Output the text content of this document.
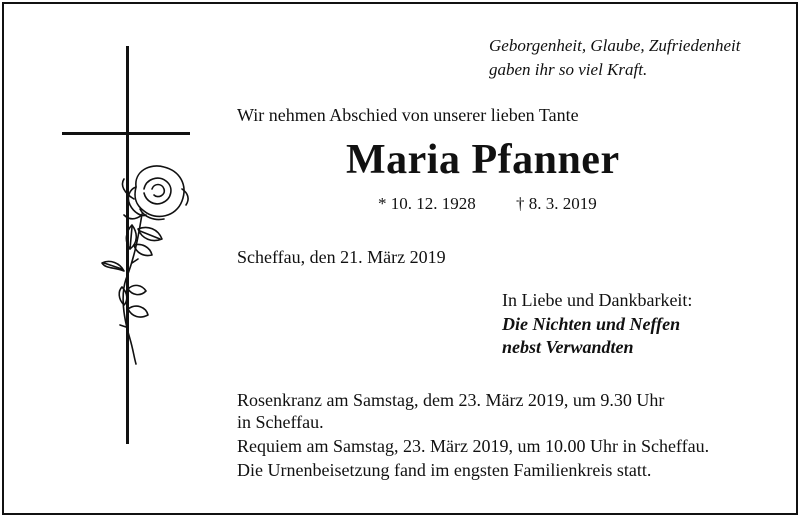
Geborgenheit, Glaube, Zufriedenheit
gaben ihr so viel Kraft.
Wir nehmen Abschied von unserer lieben Tante
Maria Pfanner
* 10. 12. 1928 † 8. 3. 2019
Scheffau, den 21. März 2019
In Liebe und Dankbarkeit:
Die Nichten und Neffen
nebst Verwandten
Rosenkranz am Samstag, dem 23. März 2019, um 9.30 Uhr
in Scheffau.
Requiem am Samstag, 23. März 2019, um 10.00 Uhr in Scheffau.
Die Urnenbeisetzung fand im engsten Familienkreis statt.
